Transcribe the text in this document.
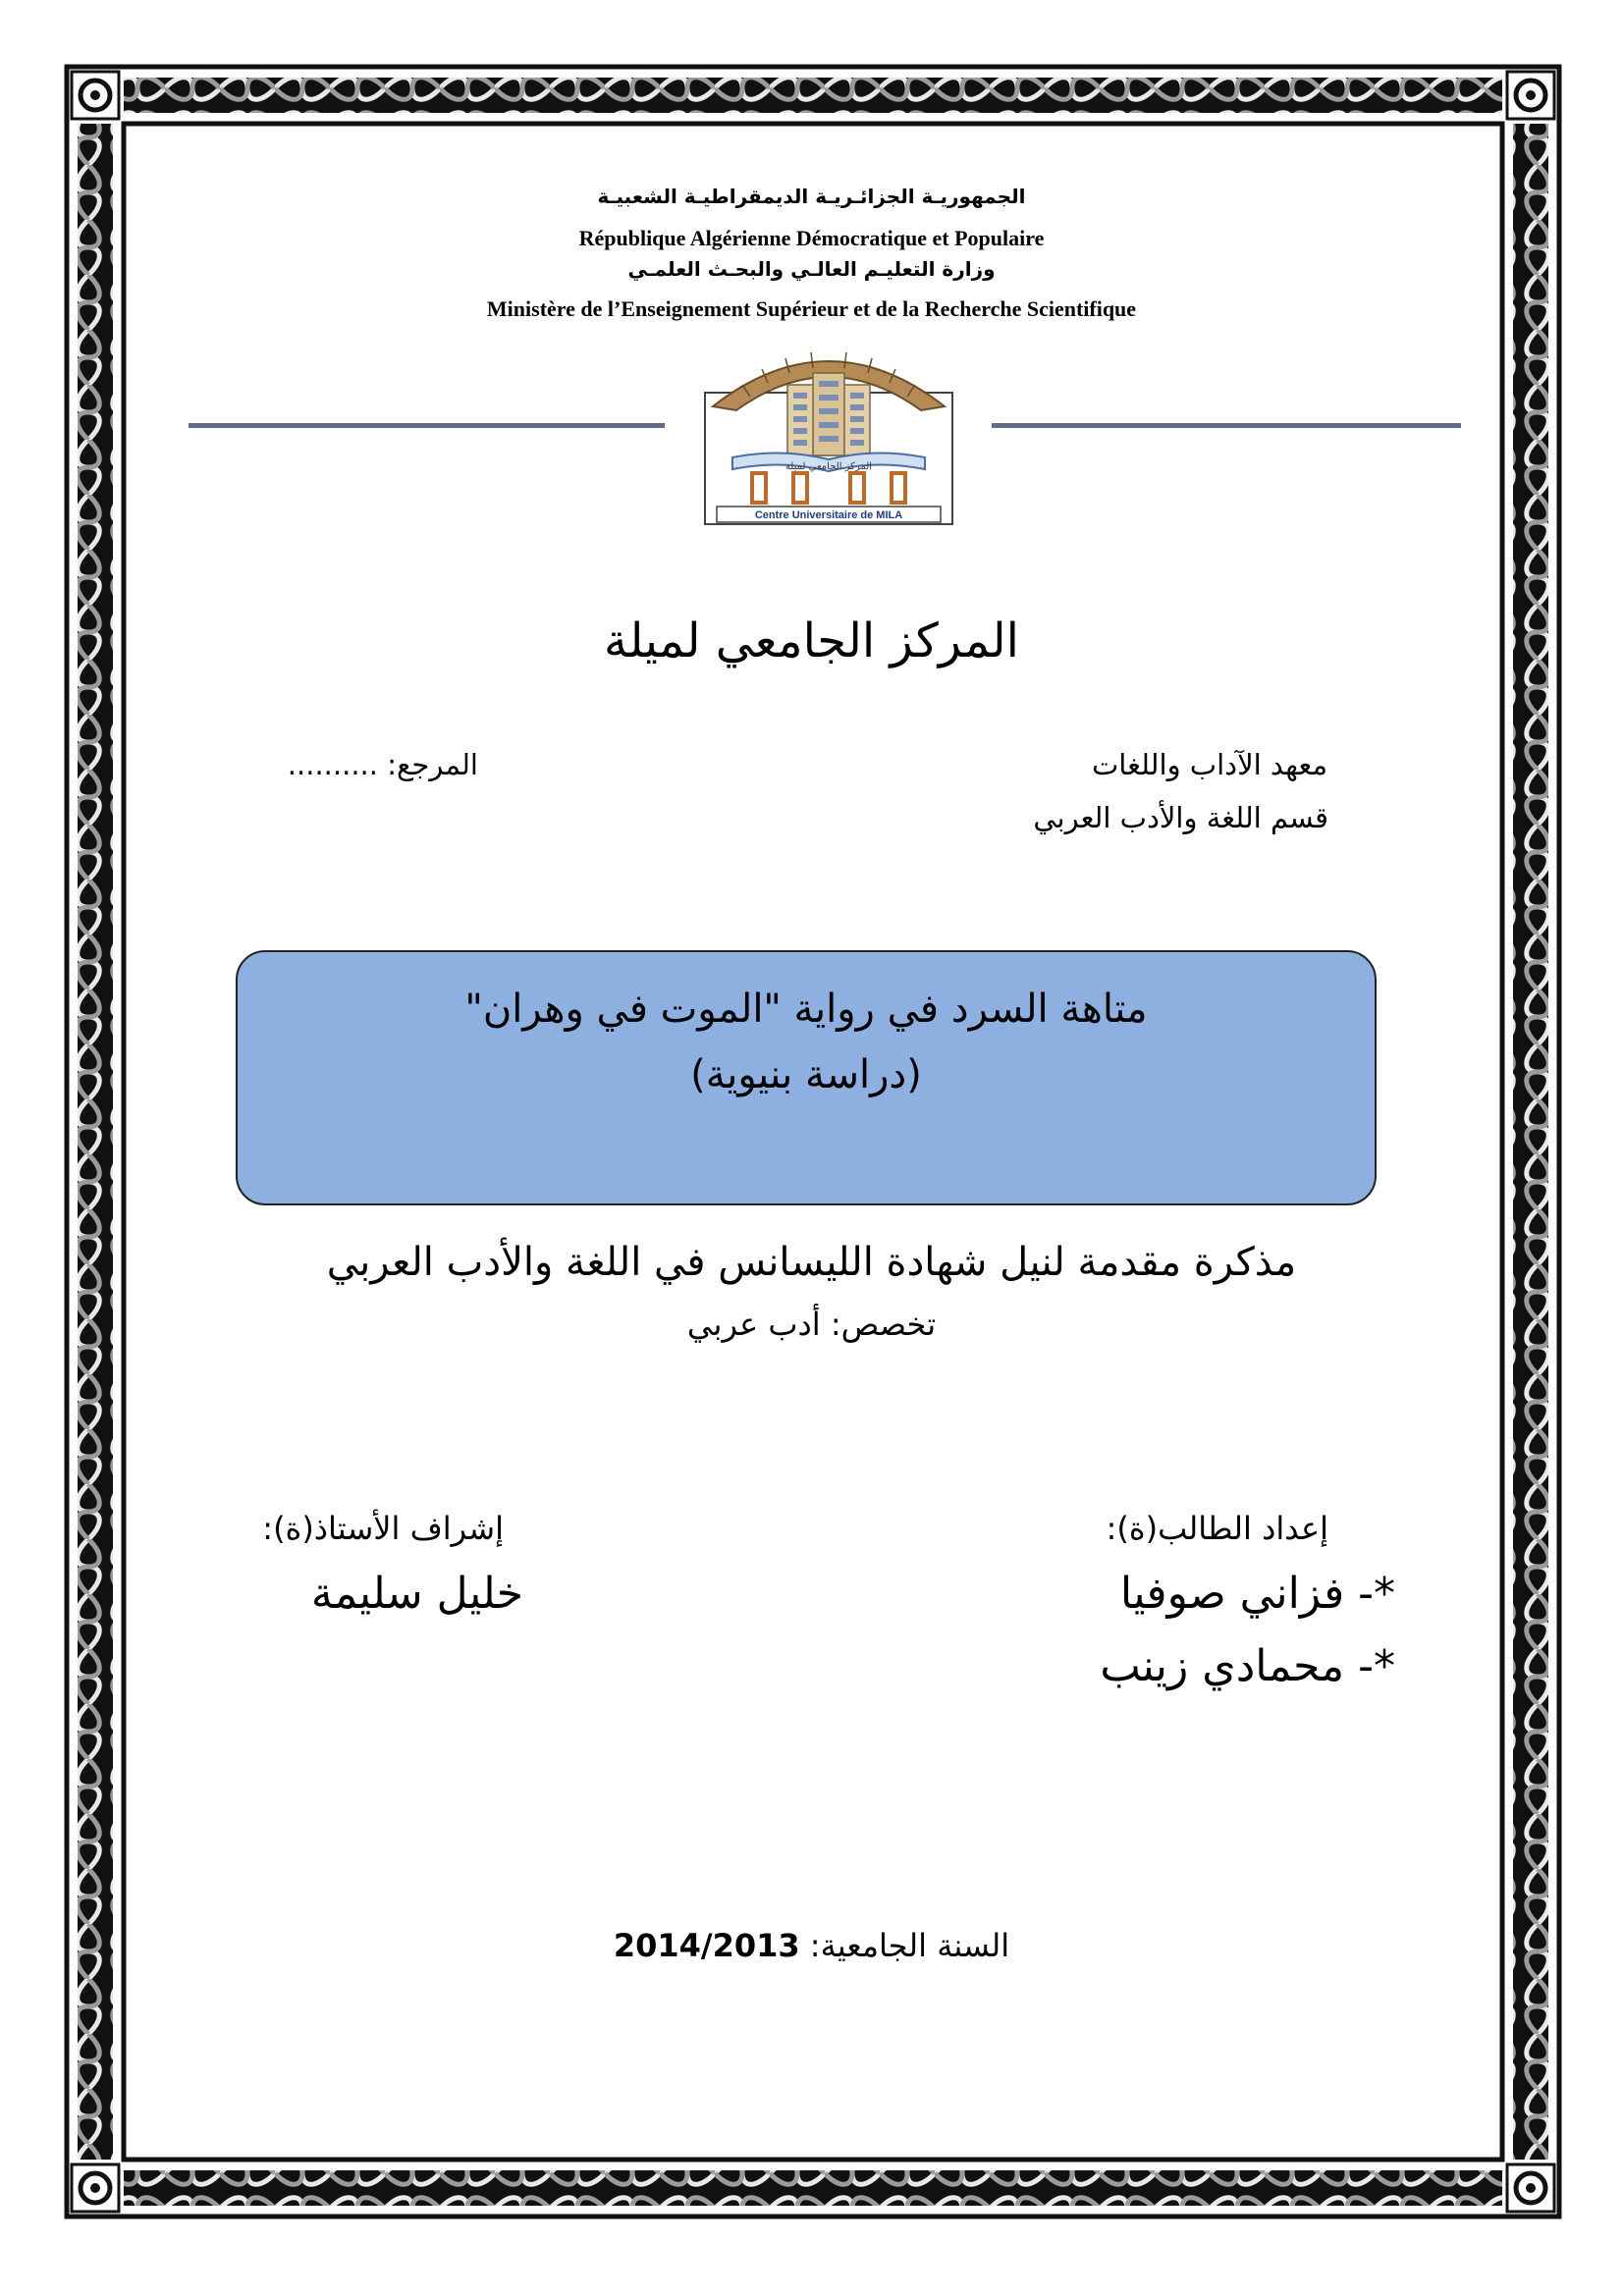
الجمهوريـة الجزائـريـة الديمقراطيـة الشعبيـة

République Algérienne Démocratique et Populaire

وزارة التعليـم العالـي والبحـث العلمـي

Ministère de l’Enseignement Supérieur et de la Recherche Scientifique

المركز الجامعي لميلة
Centre Universitaire de MILA

المركز الجامعي لميلة

معهد الآداب واللغات

قسم اللغة والأدب العربي

المرجع: ..........

متاهة السرد في رواية "الموت في وهران"

(دراسة بنيوية)

مذكرة مقدمة لنيل شهادة الليسانس في اللغة والأدب العربي

تخصص: أدب عربي

إعداد الطالب(ة):

*- فزاني صوفيا

*- محمادي زينب

إشراف الأستاذ(ة):

خليل سليمة

السنة الجامعية: 2014/2013
